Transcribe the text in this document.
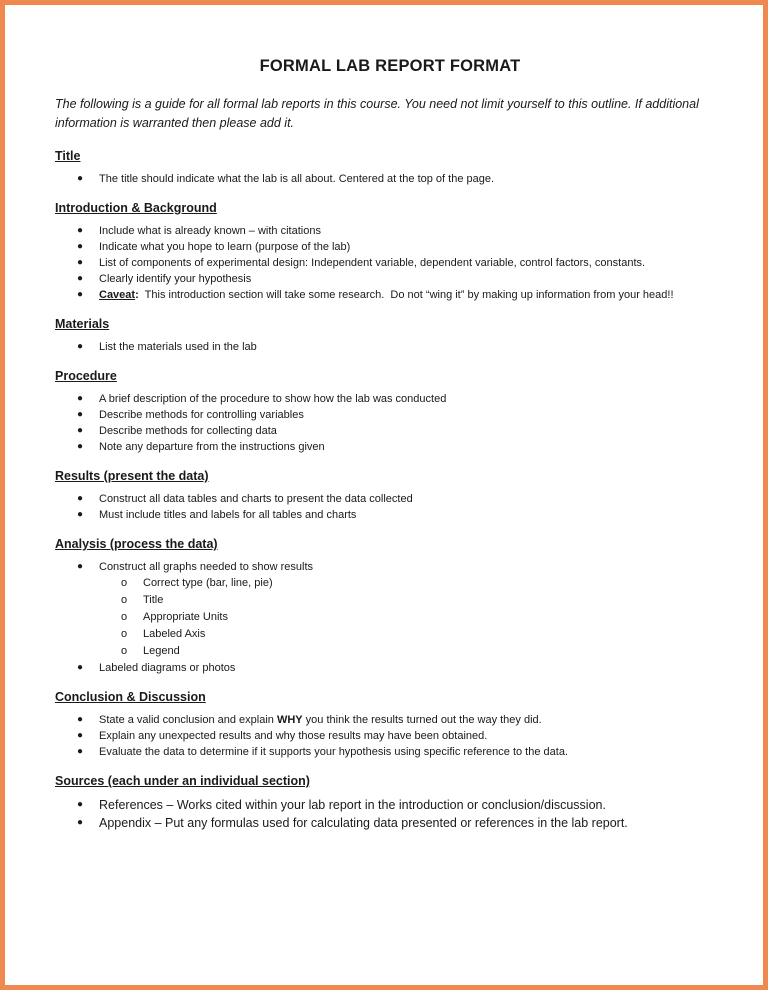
FORMAL LAB REPORT FORMAT

The following is a guide for all formal lab reports in this course. You need not limit yourself to this outline. If additional information is warranted then please add it.

Title
● The title should indicate what the lab is all about. Centered at the top of the page.
Introduction & Background
● Include what is already known – with citations
● Indicate what you hope to learn (purpose of the lab)
● List of components of experimental design: Independent variable, dependent variable, control factors, constants.
● Clearly identify your hypothesis
● Caveat:  This introduction section will take some research.  Do not “wing it” by making up information from your head!!
Materials
● List the materials used in the lab
Procedure
● A brief description of the procedure to show how the lab was conducted
● Describe methods for controlling variables
● Describe methods for collecting data
● Note any departure from the instructions given
Results (present the data)
● Construct all data tables and charts to present the data collected
● Must include titles and labels for all tables and charts
Analysis (process the data)
● Construct all graphs needed to show results
o Correct type (bar, line, pie)
o Title
o Appropriate Units
o Labeled Axis
o Legend
● Labeled diagrams or photos
Conclusion & Discussion
● State a valid conclusion and explain WHY you think the results turned out the way they did.
● Explain any unexpected results and why those results may have been obtained.
● Evaluate the data to determine if it supports your hypothesis using specific reference to the data.
Sources (each under an individual section)
● References – Works cited within your lab report in the introduction or conclusion/discussion.
● Appendix – Put any formulas used for calculating data presented or references in the lab report.
